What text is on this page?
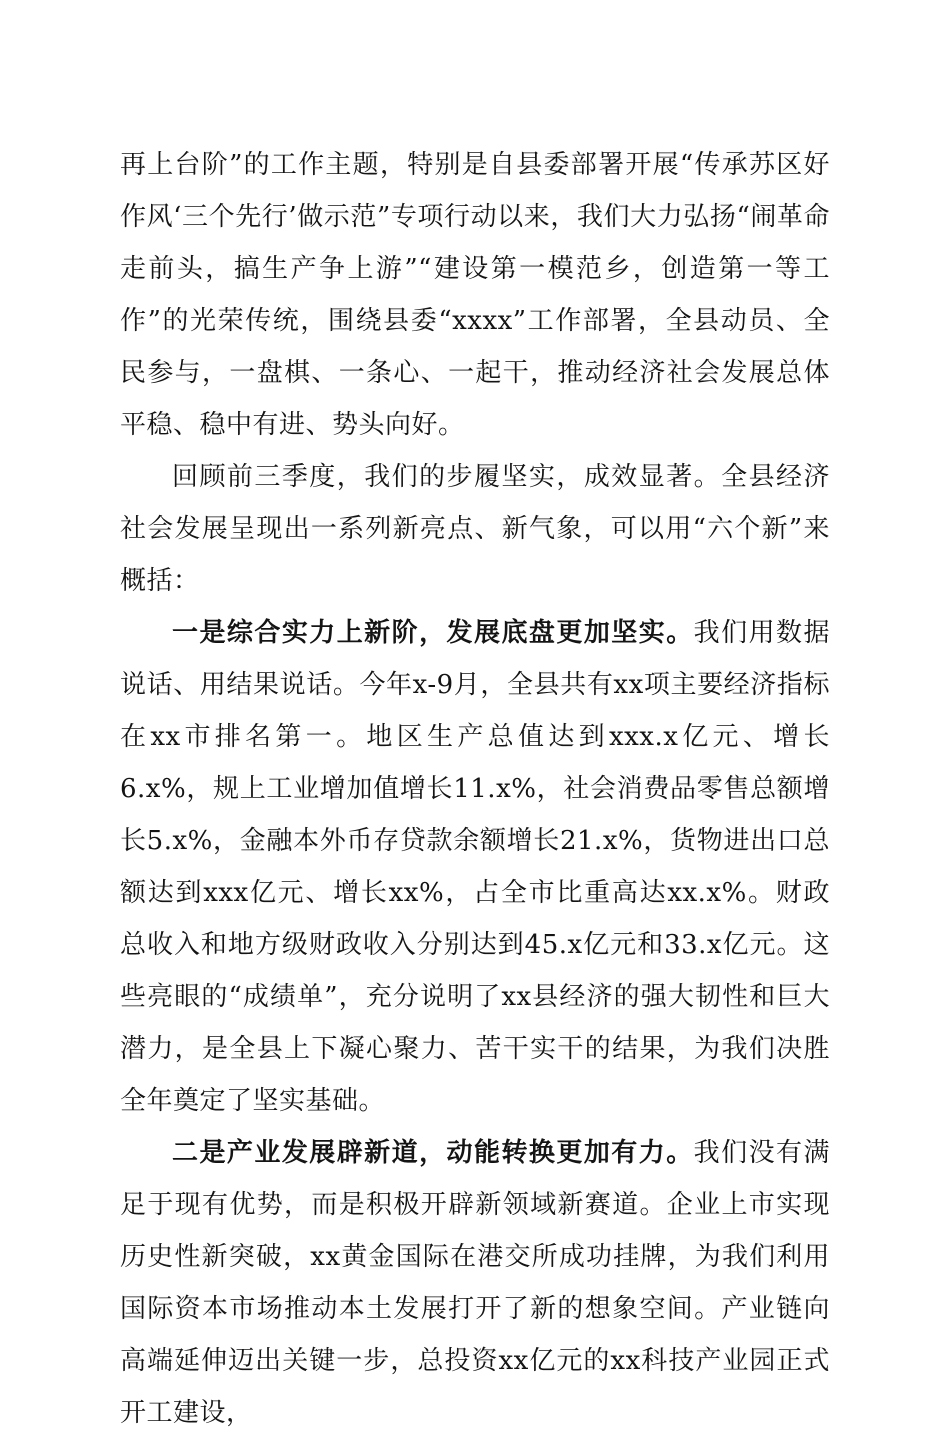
再上台阶”的工作主题，特别是自县委部署开展“传承苏区好作风‘三个先行’做示范”专项行动以来，我们大力弘扬“闹革命走前头，搞生产争上游”“建设第一模范乡，创造第一等工作”的光荣传统，围绕县委“xxxx”工作部署，全县动员、全民参与，一盘棋、一条心、一起干，推动经济社会发展总体平稳、稳中有进、势头向好。

回顾前三季度，我们的步履坚实，成效显著。全县经济社会发展呈现出一系列新亮点、新气象，可以用“六个新”来概括：

一是综合实力上新阶，发展底盘更加坚实。我们用数据说话、用结果说话。今年x-9月，全县共有xx项主要经济指标在xx市排名第一。地区生产总值达到xxx.x亿元、增长6.x%，规上工业增加值增长11.x%，社会消费品零售总额增长5.x%，金融本外币存贷款余额增长21.x%，货物进出口总额达到xxx亿元、增长xx%，占全市比重高达xx.x%。财政总收入和地方级财政收入分别达到45.x亿元和33.x亿元。这些亮眼的“成绩单”，充分说明了xx县经济的强大韧性和巨大潜力，是全县上下凝心聚力、苦干实干的结果，为我们决胜全年奠定了坚实基础。

二是产业发展辟新道，动能转换更加有力。我们没有满足于现有优势，而是积极开辟新领域新赛道。企业上市实现历史性新突破，xx黄金国际在港交所成功挂牌，为我们利用国际资本市场推动本土发展打开了新的想象空间。产业链向高端延伸迈出关键一步，总投资xx亿元的xx科技产业园正式开工建设，
